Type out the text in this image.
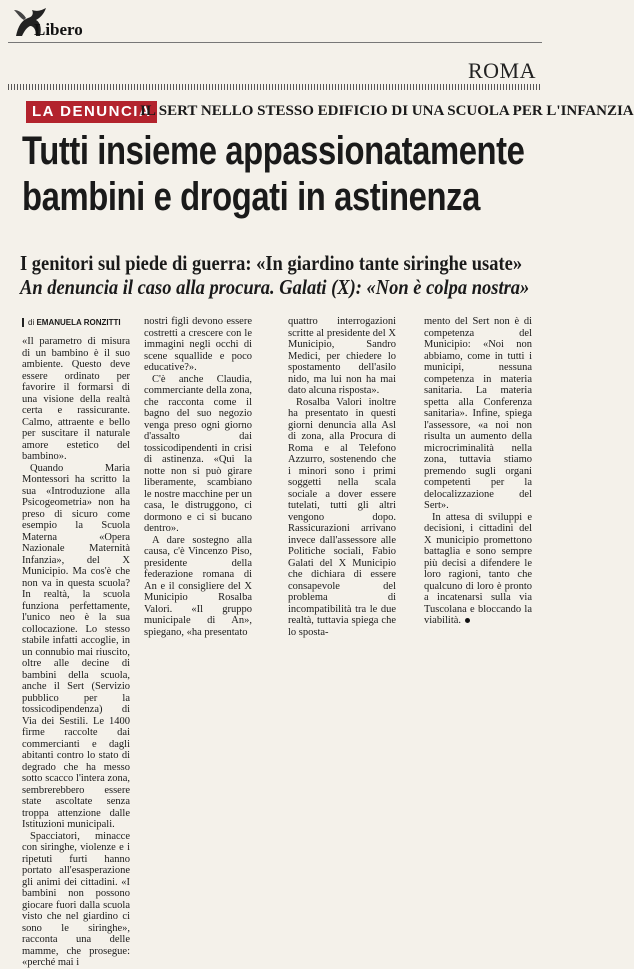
Libero
ROMA
LA DENUNCIA
IL SERT NELLO STESSO EDIFICIO DI UNA SCUOLA PER L'INFANZIA
Tutti insieme appassionatamente
bambini e drogati in astinenza
I genitori sul piede di guerra: «In giardino tante siringhe usate»
An denuncia il caso alla procura. Galati (X): «Non è colpa nostra»
di EMANUELA RONZITTI

«Il parametro di misura di un bambino è il suo ambiente. Questo deve essere ordinato per favorire il formarsi di una visione della realtà certa e rassicurante. Calmo, attraente e bello per suscitare il naturale amore estetico del bambino».

Quando Maria Montessori ha scritto la sua «Introduzione alla Psicogeometria» non ha preso di sicuro come esempio la Scuola Materna «Opera Nazionale Maternità Infanzia», del X Municipio. Ma cos'è che non va in questa scuola? In realtà, la scuola funziona perfettamente, l'unico neo è la sua collocazione. Lo stesso stabile infatti accoglie, in un connubio mai riuscito, oltre alle decine di bambini della scuola, anche il Sert (Servizio pubblico per la tossicodipendenza) di Via dei Sestili. Le 1400 firme raccolte dai commercianti e dagli abitanti contro lo stato di degrado che ha messo sotto scacco l'intera zona, sembrerebbero essere state ascoltate senza troppa attenzione dalle Istituzioni municipali.

Spacciatori, minacce con siringhe, violenze e i ripetuti furti hanno portato all'esasperazione gli animi dei cittadini. «I bambini non possono giocare fuori dalla scuola visto che nel giardino ci sono le siringhe», racconta una delle mamme, che prosegue: «perché mai i

nostri figli devono essere costretti a crescere con le immagini negli occhi di scene squallide e poco educative?».

C'è anche Claudia, commerciante della zona, che racconta come il bagno del suo negozio venga preso ogni giorno d'assalto dai tossicodipendenti in crisi di astinenza. «Qui la notte non si può girare liberamente, scambiano le nostre macchine per un casa, le distruggono, ci dormono e ci si bucano dentro».

A dare sostegno alla causa, c'è Vincenzo Piso, presidente della federazione romana di An e il consigliere del X Municipio Rosalba Valori. «Il gruppo municipale di An», spiegano, «ha presentato

quattro interrogazioni scritte al presidente del X Municipio, Sandro Medici, per chiedere lo spostamento dell'asilo nido, ma lui non ha mai dato alcuna risposta».

Rosalba Valori inoltre ha presentato in questi giorni denuncia alla Asl di zona, alla Procura di Roma e al Telefono Azzurro, sostenendo che i minori sono i primi soggetti nella scala sociale a dover essere tutelati, tutti gli altri vengono dopo. Rassicurazioni arrivano invece dall'assessore alle Politiche sociali, Fabio Galati del X Municipio che dichiara di essere consapevole del problema di incompatibilità tra le due realtà, tuttavia spiega che lo sposta-

mento del Sert non è di competenza del Municipio: «Noi non abbiamo, come in tutti i municipi, nessuna competenza in materia sanitaria. La materia spetta alla Conferenza sanitaria». Infine, spiega l'assessore, «a noi non risulta un aumento della microcriminalità nella zona, tuttavia stiamo premendo sugli organi competenti per la delocalizzazione del Sert».

In attesa di sviluppi e decisioni, i cittadini del X municipio promettono battaglia e sono sempre più decisi a difendere le loro ragioni, tanto che qualcuno di loro è pronto a incatenarsi sulla via Tuscolana e bloccando la viabilità.
